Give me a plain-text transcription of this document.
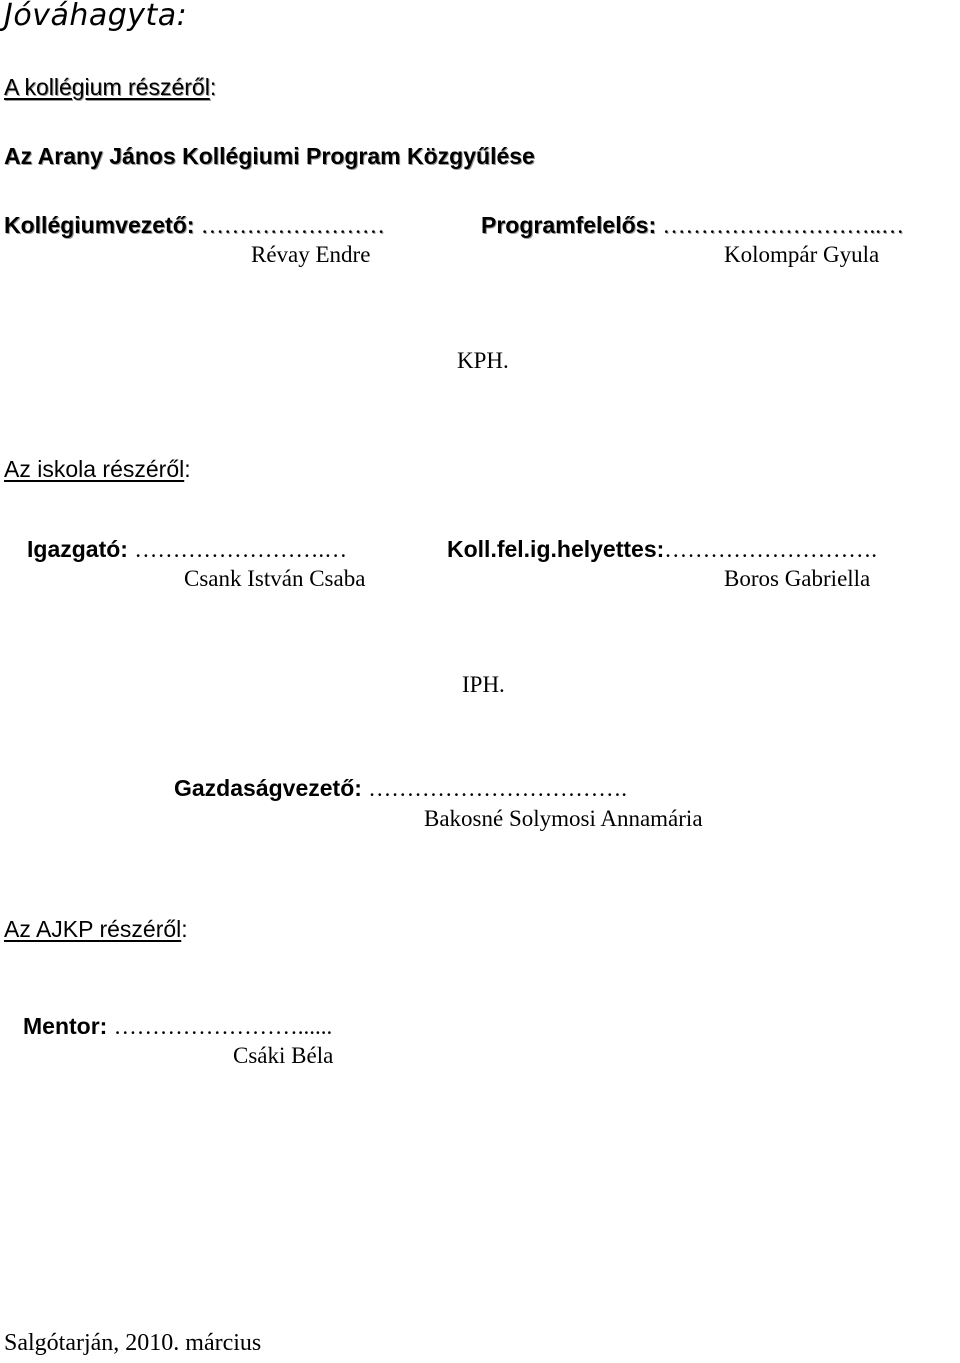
Jóváhagyta:
A kollégium részéről:
Az Arany János Kollégiumi Program Közgyűlése
Kollégiumvezető: ……………………
Révay Endre
Programfelelős: ………………………..…
Kolompár Gyula
KPH.
Az iskola részéről:
Igazgató: …………………….…
Csank István Csaba
Koll.fel.ig.helyettes:……………………….
Boros Gabriella
IPH.
Gazdaságvezető: …………………………….
Bakosné Solymosi Annamária
Az AJKP részéről:
Mentor: ……………………......
Csáki Béla
Salgótarján, 2010. március
